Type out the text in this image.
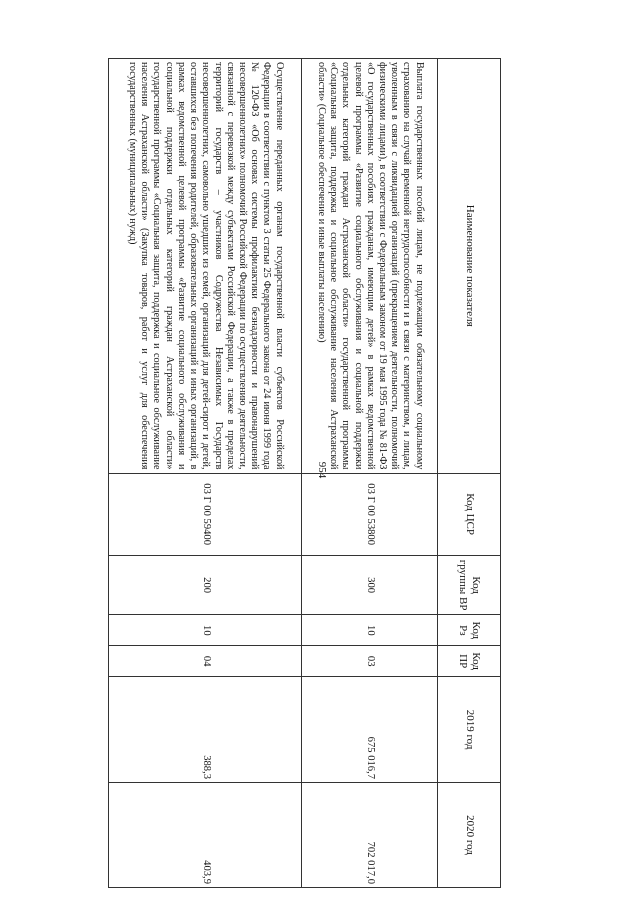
954
Наименование показателя	Код ЦСР	Код группы ВР	Код Рз	Код ПР	2019 год	2020 год
Выплата государственных пособий лицам, не подлежащим обязательному социальному страхованию на случай временной нетрудоспособности и в связи с материнством, и лицам, уволенным в связи с ликвидацией организаций (прекращением деятельности, полномочий физическими лицами), в соответствии с Федеральным законом от 19 мая 1995 года № 81-ФЗ «О государственных пособиях гражданам, имеющим детей» в рамках ведомственной целевой программы «Развитие социального обслуживания и социальной поддержки отдельных категорий граждан Астраханской области» государственной программы «Социальная защита, поддержка и социальное обслуживание населения Астраханской области» (Социальное обеспечение и иные выплаты населению)	03 Г 00 53800	300	10	03	675 016,7	702 017,0
Осуществление переданных органам государственной власти субъектов Российской Федерации в соответствии с пунктом 3 статьи 25 Федерального закона от 24 июня 1999 года № 120-ФЗ «Об основах системы профилактики безнадзорности и правонарушений несовершеннолетних» полномочий Российской Федерации по осуществлению деятельности, связанной с перевозкой между субъектами Российской Федерации, а также в пределах территорий государств – участников Содружества Независимых Государств несовершеннолетних, самовольно ушедших из семей, организаций для детей-сирот и детей, оставшихся без попечения родителей, образовательных организаций и иных организаций, в рамках ведомственной целевой программы «Развитие социального обслуживания и социальной поддержки отдельных категорий граждан Астраханской области» государственной программы «Социальная защита, поддержка и социальное обслуживание населения Астраханской области» (Закупка товаров, работ и услуг для обеспечения государственных (муниципальных) нужд)	03 Г 00 59400	200	10	04	388,3	403,9
